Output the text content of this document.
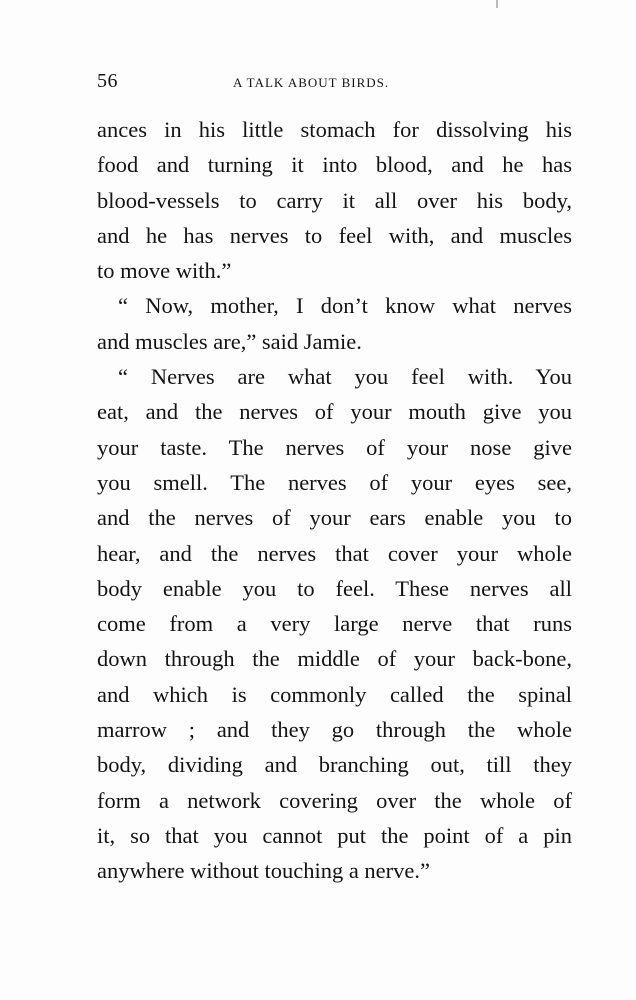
56	A TALK ABOUT BIRDS.
ances in his little stomach for dissolving his
food and turning it into blood, and he has
blood-vessels to carry it all over his body,
and he has nerves to feel with, and muscles
to move with.”
“ Now, mother, I don’t know what nerves
and muscles are,” said Jamie.
“ Nerves are what you feel with. You
eat, and the nerves of your mouth give you
your taste. The nerves of your nose give
you smell. The nerves of your eyes see,
and the nerves of your ears enable you to
hear, and the nerves that cover your whole
body enable you to feel. These nerves all
come from a very large nerve that runs
down through the middle of your back-bone,
and which is commonly called the spinal
marrow ; and they go through the whole
body, dividing and branching out, till they
form a network covering over the whole of
it, so that you cannot put the point of a pin
anywhere without touching a nerve.”
